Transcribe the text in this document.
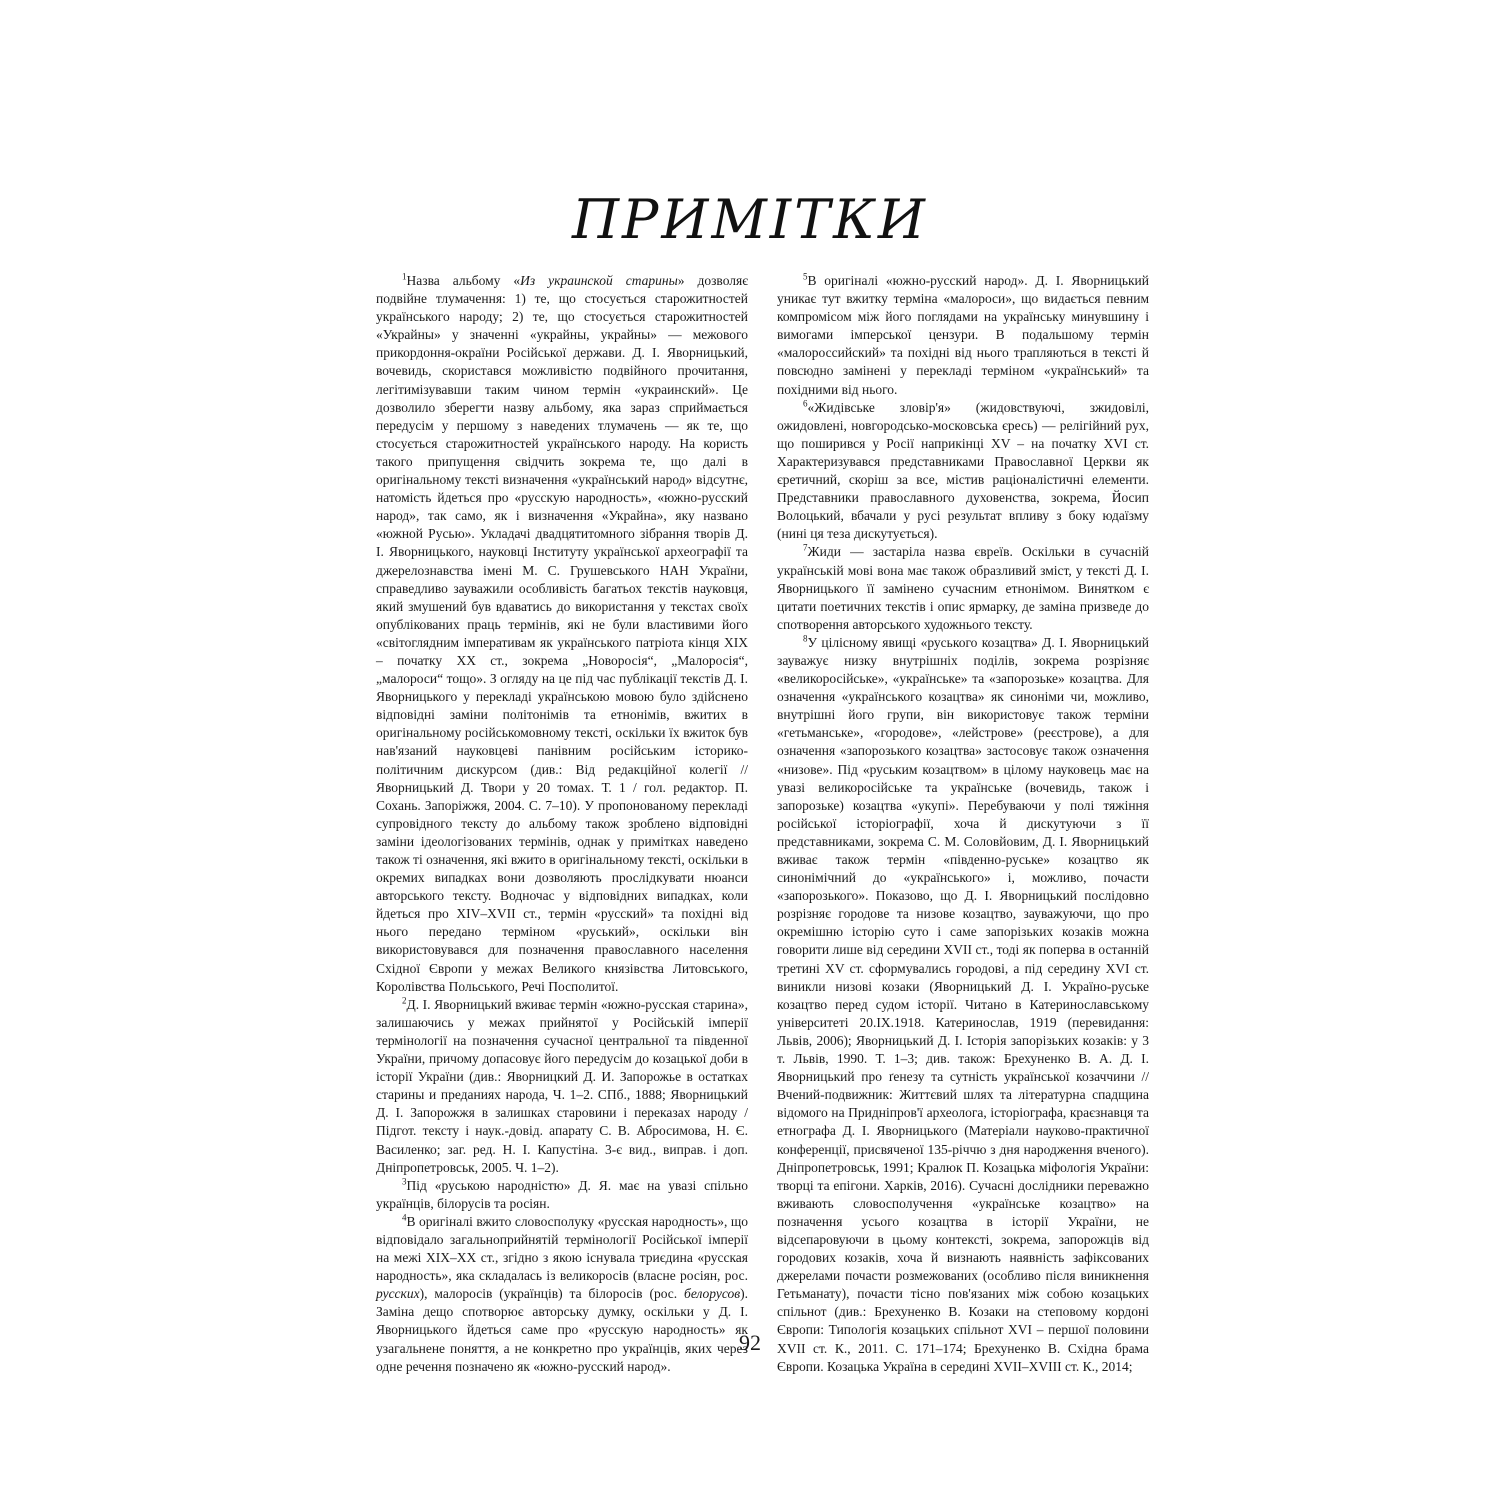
ПРИМІТКИ

$^1$Назва альбому «Из украинской старины» дозволяє подвійне тлумачення: 1) те, що стосується старожитностей українського народу; 2) те, що стосується старожитностей «Украйны» у значенні «украйны, украйны» — межового прикордоння-окраїни Російської держави. Д. І. Яворницький, вочевидь, скористався можливістю подвійного прочитання, легітимізувавши таким чином термін «украинский». Це дозволило зберегти назву альбому, яка зараз сприймається передусім у першому з наведених тлумачень — як те, що стосується старожитностей українського народу. На користь такого припущення свідчить зокрема те, що далі в оригінальному тексті визначення «український народ» відсутнє, натомість йдеться про «русскую народность», «южно-русский народ», так само, як і визначення «Украйна», яку названо «южной Русью». Укладачі двадцятитомного зібрання творів Д. І. Яворницького, науковці Інституту української археографії та джерелознавства імені М. С. Грушевського НАН України, справедливо зауважили особливість багатьох текстів науковця, який змушений був вдаватись до використання у текстах своїх опублікованих праць термінів, які не були властивими його «світоглядним імперативам як українського патріота кінця XIX – початку XX ст., зокрема „Новоросія“, „Малоросія“, „малороси“ тощо». З огляду на це під час публікації текстів Д. І. Яворницького у перекладі українською мовою було здійснено відповідні заміни політонімів та етнонімів, вжитих в оригінальному російськомовному тексті, оскільки їх вжиток був нав'язаний науковцеві панівним російським історико-політичним дискурсом (див.: Від редакційної колегії // Яворницький Д. Твори у 20 томах. Т. 1 / гол. редактор. П. Сохань. Запоріжжя, 2004. С. 7–10). У пропонованому перекладі супровідного тексту до альбому також зроблено відповідні заміни ідеологізованих термінів, однак у примітках наведено також ті означення, які вжито в оригінальному тексті, оскільки в окремих випадках вони дозволяють прослідкувати нюанси авторського тексту. Водночас у відповідних випадках, коли йдеться про XIV–XVII ст., термін «русский» та похідні від нього передано терміном «руський», оскільки він використовувався для позначення православного населення Східної Європи у межах Великого князівства Литовського, Королівства Польського, Речі Посполитої.

$^2$Д. І. Яворницький вживає термін «южно-русская старина», залишаючись у межах прийнятої у Російській імперії термінології на позначення сучасної центральної та південної України, причому допасовує його передусім до козацької доби в історії України (див.: Яворницкий Д. И. Запорожье в остатках старины и преданиях народа, Ч. 1–2. СПб., 1888; Яворницький Д. І. Запорожжя в залишках старовини і переказах народу / Підгот. тексту і наук.-довід. апарату С. В. Абросимова, Н. Є. Василенко; заг. ред. Н. І. Капустіна. 3-є вид., виправ. і доп. Дніпропетровськ, 2005. Ч. 1–2).

$^3$Під «руською народністю» Д. Я. має на увазі спільно українців, білорусів та росіян.

$^4$В оригіналі вжито словосполуку «русская народность», що відповідало загальноприйнятій термінології Російської імперії на межі XIX–XX ст., згідно з якою існувала триєдина «русская народность», яка складалась із великоросів (власне росіян, рос. русских), малоросів (українців) та білоросів (рос. белорусов). Заміна дещо спотворює авторську думку, оскільки у Д. І. Яворницького йдеться саме про «русскую народность» як узагальнене поняття, а не конкретно про українців, яких через одне речення позначено як «южно-русский народ».

$^5$В оригіналі «южно-русский народ». Д. І. Яворницький уникає тут вжитку терміна «малороси», що видається певним компромісом між його поглядами на українську минувшину і вимогами імперської цензури. В подальшому термін «малороссийский» та похідні від нього трапляються в тексті й повсюдно замінені у перекладі терміном «український» та похідними від нього.

$^6$«Жидівське зловір'я» (жидовствуючі, зжидовілі, ожидовлені, новгородсько-московська єресь) — релігійний рух, що поширився у Росії наприкінці XV – на початку XVI ст. Характеризувався представниками Православної Церкви як єретичний, скоріш за все, містив раціоналістичні елементи. Представники православного духовенства, зокрема, Йосип Волоцький, вбачали у русі результат впливу з боку юдаїзму (нині ця теза дискутується).

$^7$Жиди — застаріла назва євреїв. Оскільки в сучасній українській мові вона має також образливий зміст, у тексті Д. І. Яворницького її замінено сучасним етнонімом. Винятком є цитати поетичних текстів і опис ярмарку, де заміна призведе до спотворення авторського художнього тексту.

$^8$У цілісному явищі «руського козацтва» Д. І. Яворницький зауважує низку внутрішніх поділів, зокрема розрізняє «великоросійське», «українське» та «запорозьке» козацтва. Для означення «українського козацтва» як синоніми чи, можливо, внутрішні його групи, він використовує також терміни «гетьманське», «городове», «лейстрове» (реєстрове), а для означення «запорозького козацтва» застосовує також означення «низове». Під «руським козацтвом» в цілому науковець має на увазі великоросійське та українське (вочевидь, також і запорозьке) козацтва «укупі». Перебуваючи у полі тяжіння російської історіографії, хоча й дискутуючи з її представниками, зокрема С. М. Соловйовим, Д. І. Яворницький вживає також термін «південно-руське» козацтво як синонімічний до «українського» і, можливо, почасти «запорозького». Показово, що Д. І. Яворницький послідовно розрізняє городове та низове козацтво, зауважуючи, що про окремішню історію суто і саме запорізьких козаків можна говорити лише від середини XVII ст., тоді як поперва в останній третині XV ст. сформувались городові, а під середину XVI ст. виникли низові козаки (Яворницький Д. І. Україно-руське козацтво перед судом історії. Читано в Катеринославському університеті 20.IX.1918. Катеринослав, 1919 (перевидання: Львів, 2006); Яворницький Д. І. Історія запорізьких козаків: у 3 т. Львів, 1990. Т. 1–3; див. також: Брехуненко В. А. Д. І. Яворницький про ґенезу та сутність української козаччини // Вчений-подвижник: Життєвий шлях та літературна спадщина відомого на Придніпров'ї археолога, історіографа, краєзнавця та етнографа Д. І. Яворницького (Матеріали науково-практичної конференції, присвяченої 135-річчю з дня народження вченого). Дніпропетровськ, 1991; Кралюк П. Козацька міфологія України: творці та епігони. Харків, 2016). Сучасні дослідники переважно вживають словосполучення «українське козацтво» на позначення усього козацтва в історії України, не відсепаровуючи в цьому контексті, зокрема, запорожців від городових козаків, хоча й визнають наявність зафіксованих джерелами почасти розмежованих (особливо після виникнення Гетьманату), почасти тісно пов'язаних між собою козацьких спільнот (див.: Брехуненко В. Козаки на степовому кордоні Європи: Типологія козацьких спільнот XVI – першої половини XVII ст. К., 2011. С. 171–174; Брехуненко В. Східна брама Європи. Козацька Україна в середині XVII–XVIII ст. К., 2014;

92
